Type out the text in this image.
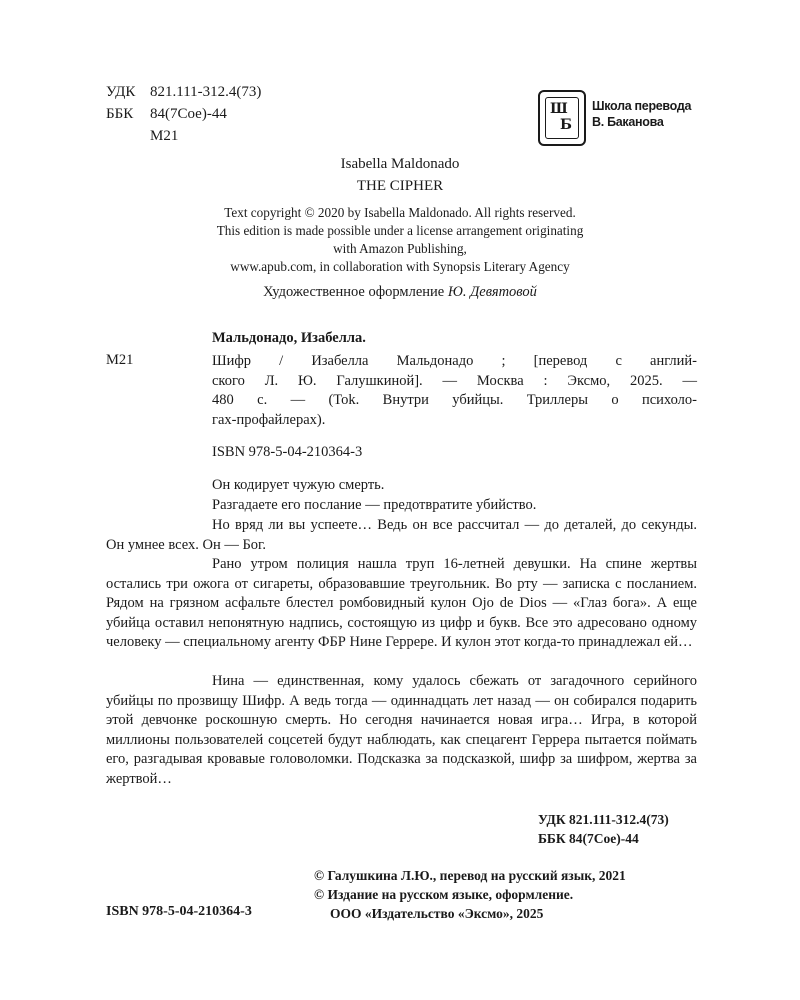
УДК 821.111-312.4(73)
ББК 84(7Сое)-44
М21
Ш
Б
Школа перевода
В. Баканова
Isabella Maldonado
THE CIPHER
Text copyright © 2020 by Isabella Maldonado. All rights reserved.
This edition is made possible under a license arrangement originating
with Amazon Publishing,
www.apub.com, in collaboration with Synopsis Literary Agency
Художественное оформление Ю. Девятовой
Мальдонадо, Изабелла.
М21	Шифр / Изабелла Мальдонадо ; [перевод с англий-
ского Л. Ю. Галушкиной]. — Москва : Эксмо, 2025. —
480 с. — (Tok. Внутри убийцы. Триллеры о психоло-
гах-профайлерах).
ISBN 978-5-04-210364-3
Он кодирует чужую смерть.
Разгадаете его послание — предотвратите убийство.
Но вряд ли вы успеете… Ведь он все рассчитал — до деталей, до секунды. Он умнее всех. Он — Бог.
Рано утром полиция нашла труп 16-летней девушки. На спине жертвы остались три ожога от сигареты, образовавшие треугольник. Во рту — записка с посланием. Рядом на грязном асфальте блестел ромбовидный кулон Ojo de Dios — «Глаз бога». А еще убийца оставил непонятную надпись, состоящую из цифр и букв. Все это адресовано одному человеку — специальному агенту ФБР Нине Геррере. И кулон этот когда-то принадлежал ей…
Нина — единственная, кому удалось сбежать от загадочного серийного убийцы по прозвищу Шифр. А ведь тогда — одиннадцать лет назад — он собирался подарить этой девчонке роскошную смерть. Но сегодня начинается новая игра… Игра, в которой миллионы пользователей соцсетей будут наблюдать, как спецагент Геррера пытается поймать его, разгадывая кровавые головоломки. Подсказка за подсказкой, шифр за шифром, жертва за жертвой…
УДК 821.111-312.4(73)
ББК 84(7Сое)-44
© Галушкина Л.Ю., перевод на русский язык, 2021
© Издание на русском языке, оформление.
ООО «Издательство «Эксмо», 2025
ISBN 978-5-04-210364-3
